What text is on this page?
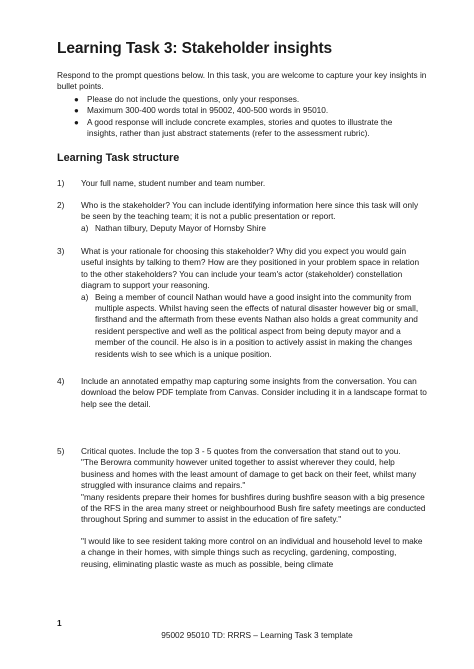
Learning Task 3: Stakeholder insights

Respond to the prompt questions below. In this task, you are welcome to capture your key insights in bullet points.

● Please do not include the questions, only your responses.
● Maximum 300-400 words total in 95002, 400-500 words in 95010.
● A good response will include concrete examples, stories and quotes to illustrate the insights, rather than just abstract statements (refer to the assessment rubric).
Learning Task structure
1) Your full name, student number and team number.
2) Who is the stakeholder? You can include identifying information here since this task will only be seen by the teaching team; it is not a public presentation or report.
a) Nathan tilbury, Deputy Mayor of Hornsby Shire
3) What is your rationale for choosing this stakeholder? Why did you expect you would gain useful insights by talking to them? How are they positioned in your problem space in relation to the other stakeholders? You can include your team's actor (stakeholder) constellation diagram to support your reasoning.
a) Being a member of council Nathan would have a good insight into the community from multiple aspects. Whilst having seen the effects of natural disaster however big or small, firsthand and the aftermath from these events Nathan also holds a great community and resident perspective and well as the political aspect from being deputy mayor and a member of the council. He also is in a position to actively assist in making the changes residents wish to see which is a unique position.
4) Include an annotated empathy map capturing some insights from the conversation. You can download the below PDF template from Canvas. Consider including it in a landscape format to help see the detail.
5) Critical quotes. Include the top 3 - 5 quotes from the conversation that stand out to you.
"The Berowra community however united together to assist wherever they could, help business and homes with the least amount of damage to get back on their feet, whilst many struggled with insurance claims and repairs."
"many residents prepare their homes for bushfires during bushfire season with a big presence of the RFS in the area many street or neighbourhood Bush fire safety meetings are conducted throughout Spring and summer to assist in the education of fire safety."
"I would like to see resident taking more control on an individual and household level to make a change in their homes, with simple things such as recycling, gardening, composting, reusing, eliminating plastic waste as much as possible, being climate
1
95002 95010 TD: RRRS – Learning Task 3 template
